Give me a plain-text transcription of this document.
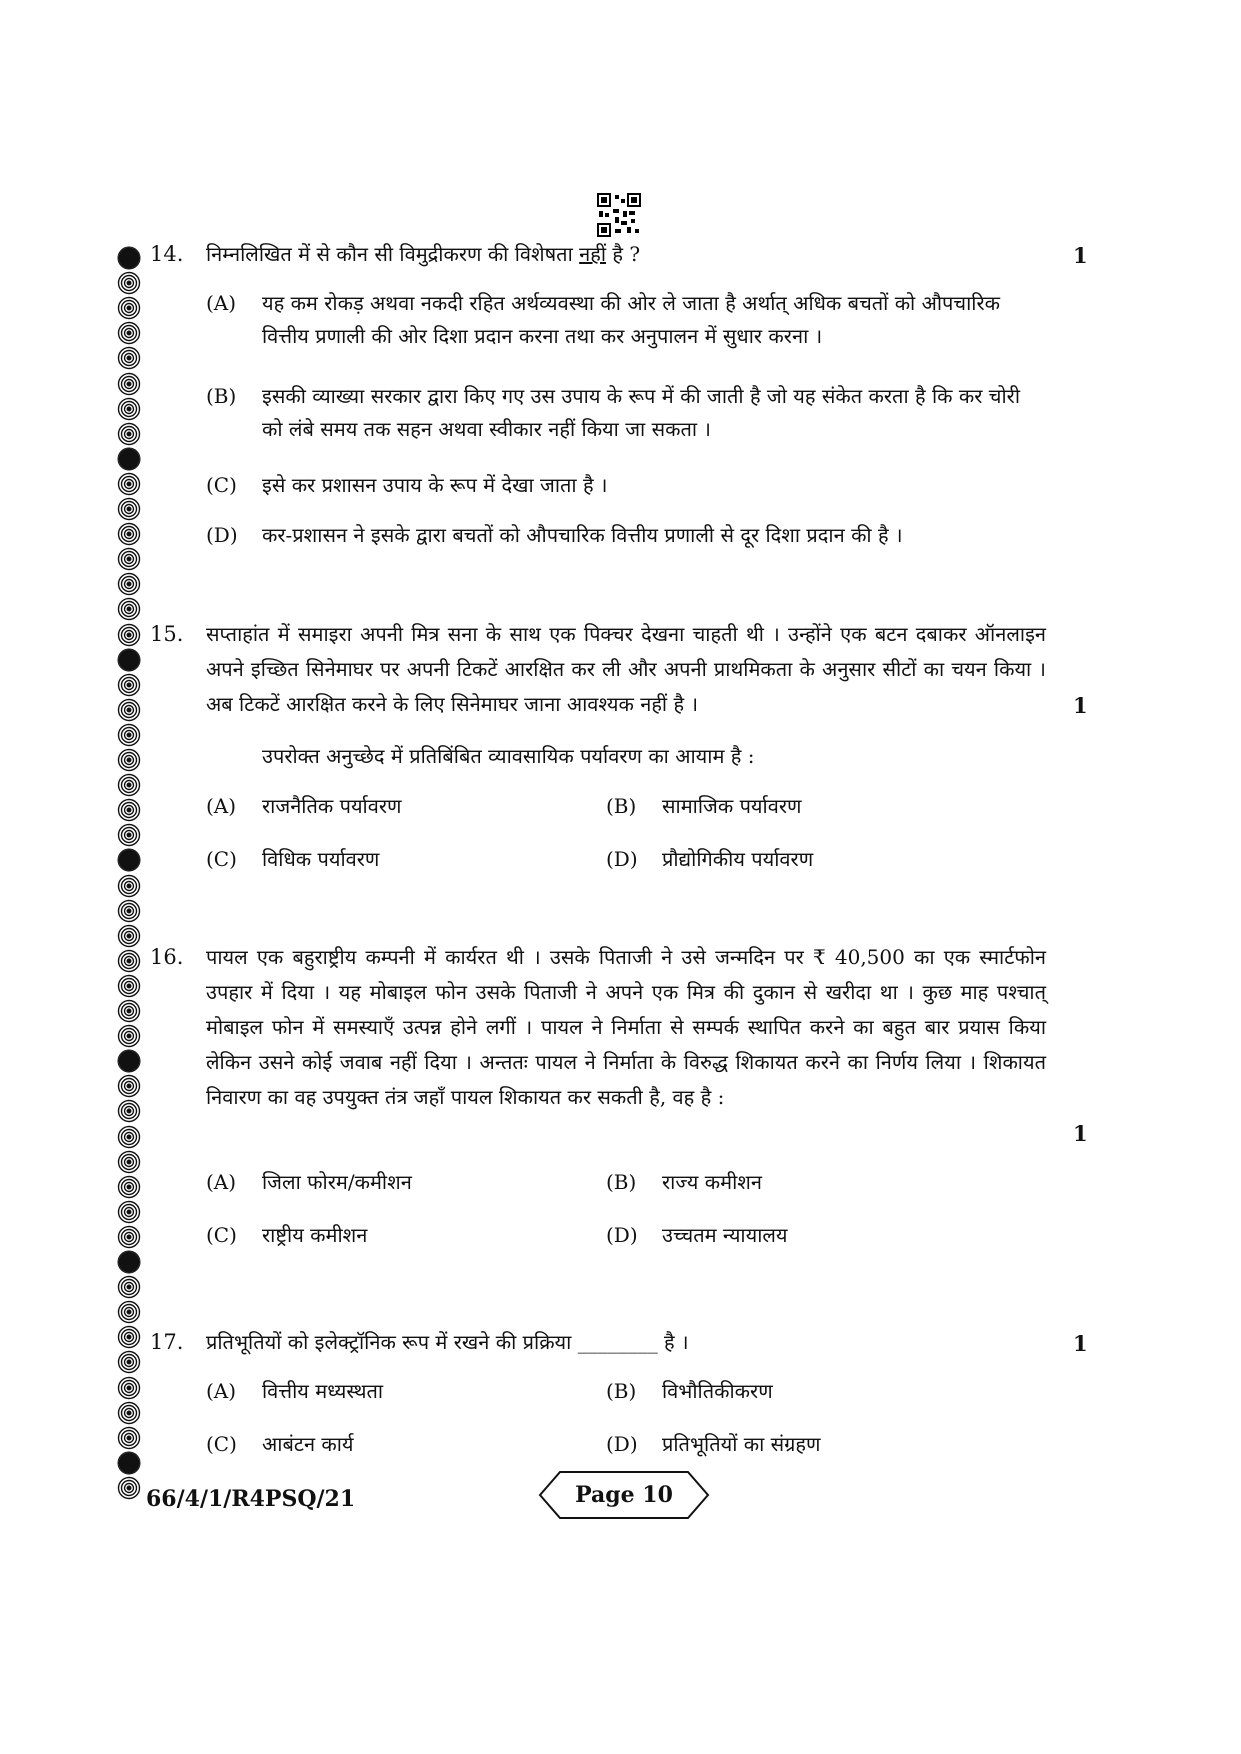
14. निम्नलिखित में से कौन सी विमुद्रीकरण की विशेषता नहीं है ?	1
(A)	यह कम रोकड़ अथवा नकदी रहित अर्थव्यवस्था की ओर ले जाता है अर्थात् अधिक बचतों को औपचारिक वित्तीय प्रणाली की ओर दिशा प्रदान करना तथा कर अनुपालन में सुधार करना ।
(B)	इसकी व्याख्या सरकार द्वारा किए गए उस उपाय के रूप में की जाती है जो यह संकेत करता है कि कर चोरी को लंबे समय तक सहन अथवा स्वीकार नहीं किया जा सकता ।
(C)	इसे कर प्रशासन उपाय के रूप में देखा जाता है ।
(D)	कर-प्रशासन ने इसके द्वारा बचतों को औपचारिक वित्तीय प्रणाली से दूर दिशा प्रदान की है ।
15. सप्ताहांत में समाइरा अपनी मित्र सना के साथ एक पिक्चर देखना चाहती थी । उन्होंने एक बटन दबाकर ऑनलाइन अपने इच्छित सिनेमाघर पर अपनी टिकटें आरक्षित कर ली और अपनी प्राथमिकता के अनुसार सीटों का चयन किया । अब टिकटें आरक्षित करने के लिए सिनेमाघर जाना आवश्यक नहीं है ।	1
उपरोक्त अनुच्छेद में प्रतिबिंबित व्यावसायिक पर्यावरण का आयाम है :
(A)	राजनैतिक पर्यावरण	(B)	सामाजिक पर्यावरण
(C)	विधिक पर्यावरण	(D)	प्रौद्योगिकीय पर्यावरण
16. पायल एक बहुराष्ट्रीय कम्पनी में कार्यरत थी । उसके पिताजी ने उसे जन्मदिन पर ₹ 40,500 का एक स्मार्टफोन उपहार में दिया । यह मोबाइल फोन उसके पिताजी ने अपने एक मित्र की दुकान से खरीदा था । कुछ माह पश्चात् मोबाइल फोन में समस्याएँ उत्पन्न होने लगीं । पायल ने निर्माता से सम्पर्क स्थापित करने का बहुत बार प्रयास किया लेकिन उसने कोई जवाब नहीं दिया । अन्ततः पायल ने निर्माता के विरुद्ध शिकायत करने का निर्णय लिया । शिकायत निवारण का वह उपयुक्त तंत्र जहाँ पायल शिकायत कर सकती है, वह है :
1
(A)	जिला फोरम/कमीशन	(B)	राज्य कमीशन
(C)	राष्ट्रीय कमीशन	(D)	उच्चतम न्यायालय
17. प्रतिभूतियों को इलेक्ट्रॉनिक रूप में रखने की प्रक्रिया ________ है ।	1
(A)	वित्तीय मध्यस्थता	(B)	विभौतिकीकरण
(C)	आबंटन कार्य	(D)	प्रतिभूतियों का संग्रहण
66/4/1/R4PSQ/21	Page 10
